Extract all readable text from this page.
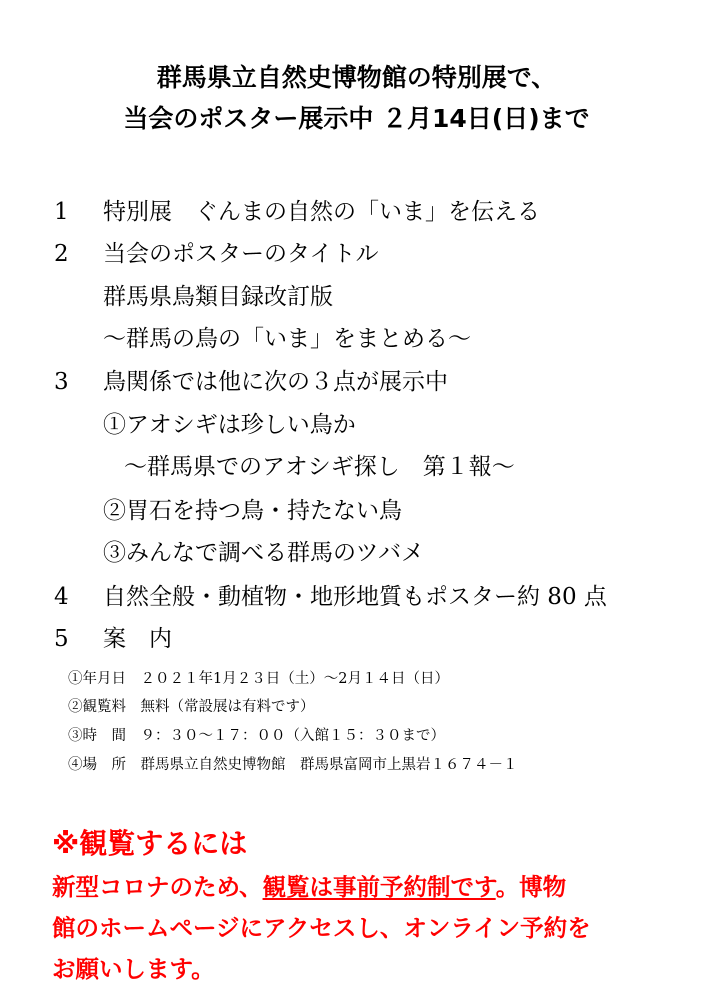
群馬県立自然史博物館の特別展で、
当会のポスター展示中 ２月14日(日)まで
1	特別展　ぐんまの自然の「いま」を伝える
2	当会のポスターのタイトル
群馬県鳥類目録改訂版
～群馬の鳥の「いま」をまとめる～
3	鳥関係では他に次の３点が展示中
①アオシギは珍しい鳥か
～群馬県でのアオシギ探し　第１報～
②胃石を持つ鳥・持たない鳥
③みんなで調べる群馬のツバメ
4	自然全般・動植物・地形地質もポスター約 80 点
5	案　内
①年月日　２０２１年1月２３日（土）～2月１４日（日）
②観覧料　無料（常設展は有料です）
③時　間　９：３０～１７：００（入館１５：３０まで）
④場　所　群馬県立自然史博物館　群馬県富岡市上黒岩１６７４－１
※観覧するには
新型コロナのため、観覧は事前予約制です。博物
館のホームページにアクセスし、オンライン予約を
お願いします。
